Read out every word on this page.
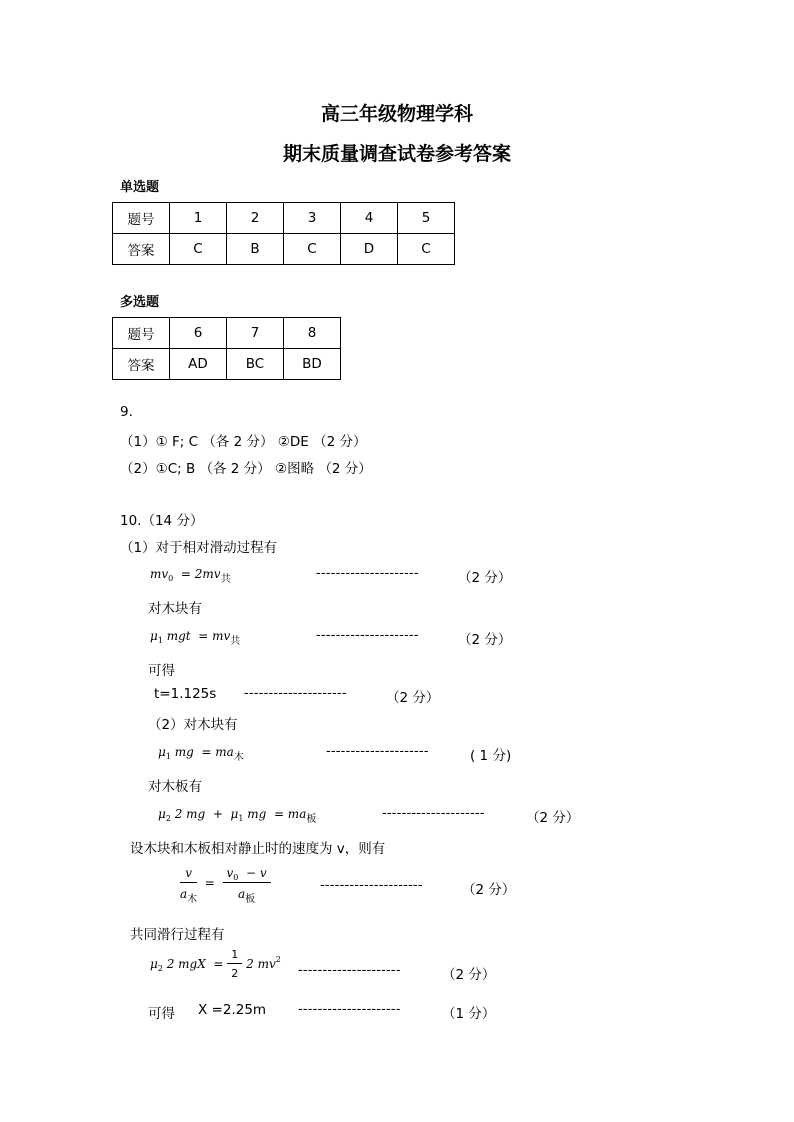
高三年级物理学科
期末质量调查试卷参考答案
单选题
题号	1	2	3	4	5
答案	C	B	C	D	C
多选题
题号	6	7	8
答案	AD	BC	BD
9.
（1）① F; C （各 2 分） ②DE （2 分）
（2）①C; B （各 2 分） ②图略 （2 分）
10.（14 分）
（1）对于相对滑动过程有
$mv_0 = 2mv_共$	---------------------	（2 分）
对木块有
$\mu_1$ mgt  = $mv_共$	---------------------	（2 分）
可得
t=1.125s ---------------------	（2 分）
（2）对木块有
$\mu_1$ mg  = $ma_木$	---------------------	( 1 分)
对木板有
$\mu_2$ 2 mg  +  $\mu_1$ mg  = $ma_板$	---------------------	（2 分）
设木块和木板相对静止时的速度为 v，则有
$\frac{v}{a_木} = \frac{v_0 - v}{a_板}$	---------------------	（2 分）
共同滑行过程有
$\mu_2$ 2 mgX  = $\frac{1}{2} 2$ $mv^2$
---------------------	（2 分）
可得 X =2.25m ---------------------	（1 分）
